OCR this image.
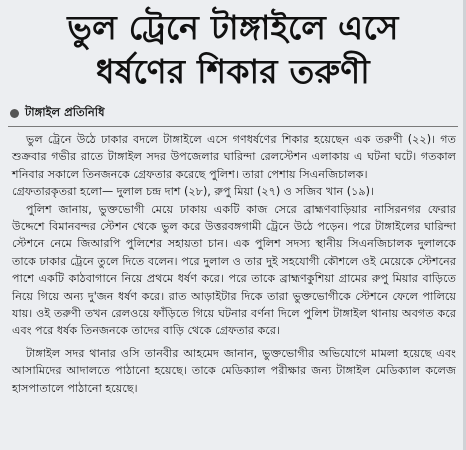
ভুল ট্রেনে টাঙ্গাইলে এসে
ধর্ষণের শিকার তরুণী
টাঙ্গাইল প্রতিনিধি

ভুল ট্রেনে উঠে ঢাকার বদলে টাঙ্গাইলে এসে গণধর্ষণের শিকার হয়েছেন এক তরুণী (২২)। গত শুক্রবার গভীর রাতে টাঙ্গাইল সদর উপজেলার ঘারিন্দা রেলস্টেশন এলাকায় এ ঘটনা ঘটে। গতকাল শনিবার সকালে তিনজনকে গ্রেফতার করেছে পুলিশ। তারা পেশায় সিএনজিচালক।

গ্রেফতারকৃতরা হলো— দুলাল চন্দ্র দাশ (২৮), রুপু মিয়া (২৭) ও সজিব খান (১৯)।

পুলিশ জানায়, ভুক্তভোগী মেয়ে ঢাকায় একটি কাজ সেরে ব্রাহ্মণবাড়িয়ার নাসিরনগর ফেরার উদ্দেশে বিমানবন্দর স্টেশন থেকে ভুল করে উত্তরবঙ্গগামী ট্রেনে উঠে পড়েন। পরে টাঙ্গাইলের ঘারিন্দা স্টেশনে নেমে জিআরপি পুলিশের সহায়তা চান। এক পুলিশ সদস্য স্থানীয় সিএনজিচালক দুলালকে তাকে ঢাকার ট্রেনে তুলে দিতে বলেন। পরে দুলাল ও তার দুই সহযোগী কৌশলে ওই মেয়েকে স্টেশনের পাশে একটি কাঠবাগানে নিয়ে প্রথমে ধর্ষণ করে। পরে তাকে ব্রাহ্মণকুশিয়া গ্রামের রুপু মিয়ার বাড়িতে নিয়ে গিয়ে অন্য দু'জন ধর্ষণ করে। রাত আড়াইটার দিকে তারা ভুক্তভোগীকে স্টেশনে ফেলে পালিয়ে যায়। ওই তরুণী তখন রেলওয়ে ফাঁড়িতে গিয়ে ঘটনার বর্ণনা দিলে পুলিশ টাঙ্গাইল থানায় অবগত করে এবং পরে ধর্ষক তিনজনকে তাদের বাড়ি থেকে গ্রেফতার করে।

টাঙ্গাইল সদর থানার ওসি তানবীর আহমেদ জানান, ভুক্তভোগীর অভিযোগে মামলা হয়েছে এবং আসামিদের আদালতে পাঠানো হয়েছে। তাকে মেডিক্যাল পরীক্ষার জন্য টাঙ্গাইল মেডিক্যাল কলেজ হাসপাতালে পাঠানো হয়েছে।
